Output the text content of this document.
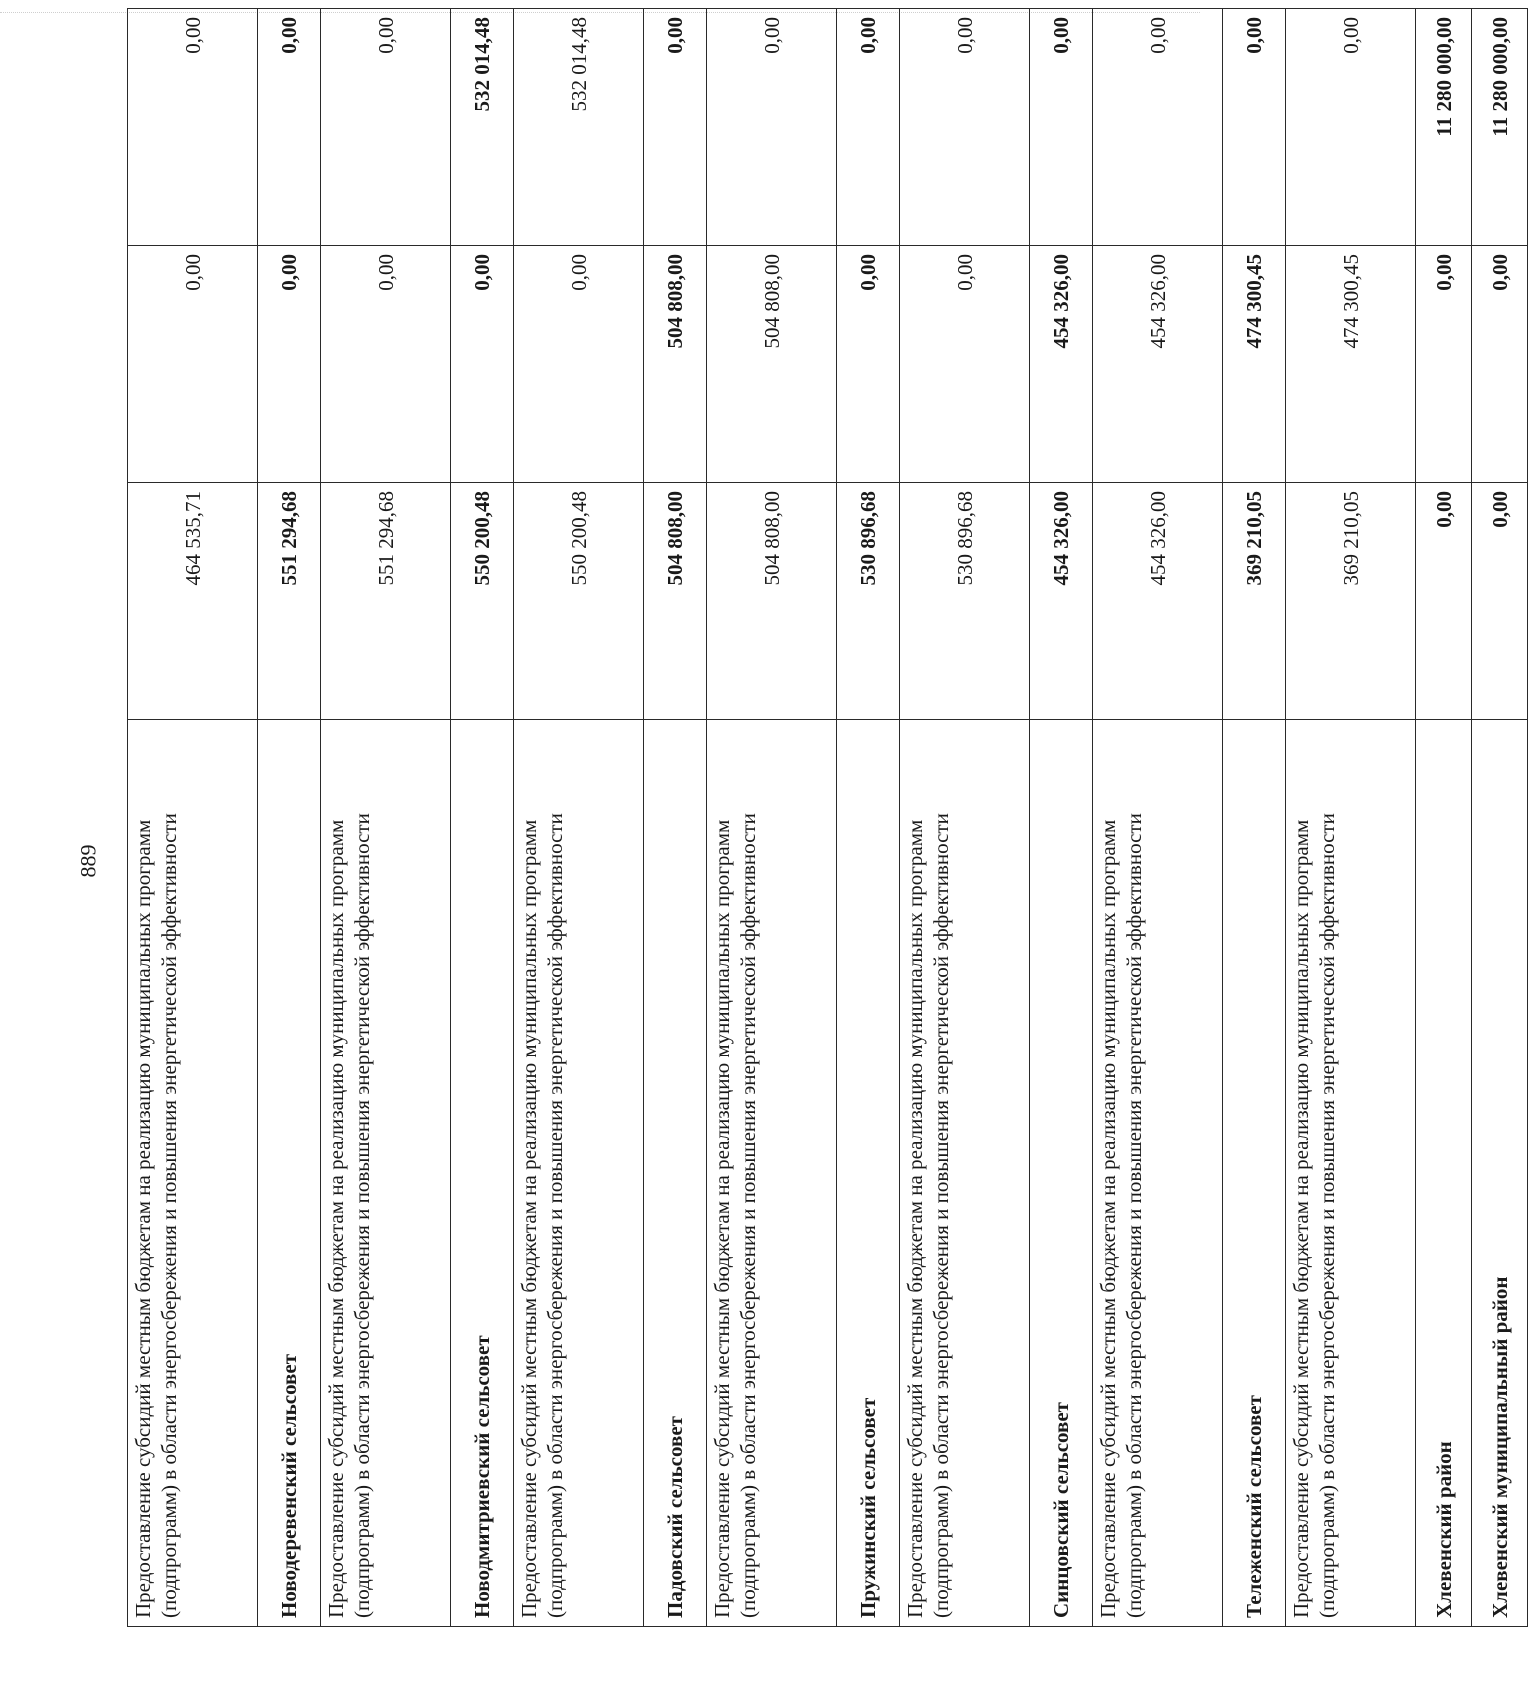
889 Предоставление субсидий местным бюджетам на реализацию муниципальных программ (подпрограмм) в области энергосбережения и повышения энергетической эффективности	464 535,71	0,00	0,00
Новодеревенский сельсовет	551 294,68	0,00	0,00
Предоставление субсидий местным бюджетам на реализацию муниципальных программ (подпрограмм) в области энергосбережения и повышения энергетической эффективности	551 294,68	0,00	0,00
Новодмитриевский сельсовет	550 200,48	0,00	532 014,48
Предоставление субсидий местным бюджетам на реализацию муниципальных программ (подпрограмм) в области энергосбережения и повышения энергетической эффективности	550 200,48	0,00	532 014,48
Падовский сельсовет	504 808,00	504 808,00	0,00
Предоставление субсидий местным бюджетам на реализацию муниципальных программ (подпрограмм) в области энергосбережения и повышения энергетической эффективности	504 808,00	504 808,00	0,00
Пружинский сельсовет	530 896,68	0,00	0,00
Предоставление субсидий местным бюджетам на реализацию муниципальных программ (подпрограмм) в области энергосбережения и повышения энергетической эффективности	530 896,68	0,00	0,00
Синцовский сельсовет	454 326,00	454 326,00	0,00
Предоставление субсидий местным бюджетам на реализацию муниципальных программ (подпрограмм) в области энергосбережения и повышения энергетической эффективности	454 326,00	454 326,00	0,00
Тележенский сельсовет	369 210,05	474 300,45	0,00
Предоставление субсидий местным бюджетам на реализацию муниципальных программ (подпрограмм) в области энергосбережения и повышения энергетической эффективности	369 210,05	474 300,45	0,00
Хлевенский район	0,00	0,00	11 280 000,00
Хлевенский муниципальный район	0,00	0,00	11 280 000,00
